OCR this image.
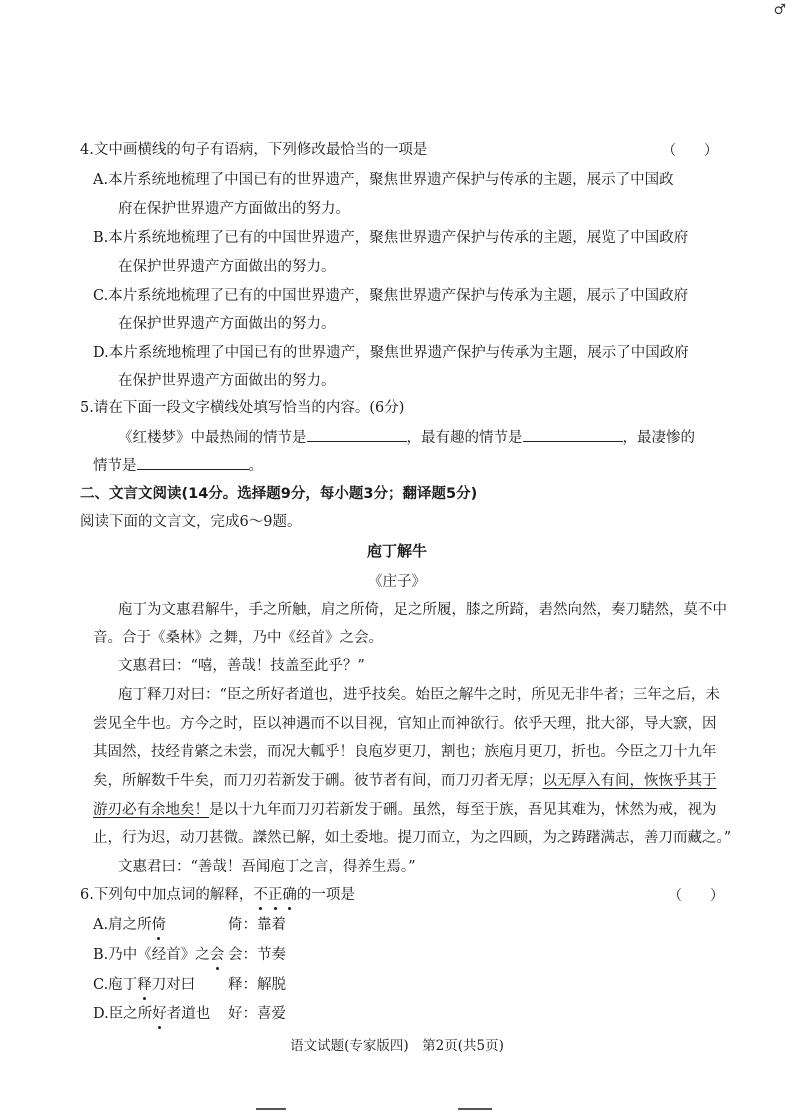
♂
4.文中画横线的句子有语病，下列修改最恰当的一项是	（　　）
A.本片系统地梳理了中国已有的世界遗产，聚焦世界遗产保护与传承的主题，展示了中国政
府在保护世界遗产方面做出的努力。
B.本片系统地梳理了已有的中国世界遗产，聚焦世界遗产保护与传承的主题，展览了中国政府
在保护世界遗产方面做出的努力。
C.本片系统地梳理了已有的中国世界遗产，聚焦世界遗产保护与传承为主题，展示了中国政府
在保护世界遗产方面做出的努力。
D.本片系统地梳理了中国已有的世界遗产，聚焦世界遗产保护与传承为主题，展示了中国政府
在保护世界遗产方面做出的努力。
5.请在下面一段文字横线处填写恰当的内容。(6分)
《红楼梦》中最热闹的情节是	，最有趣的情节是	，最凄惨的
情节是	。
二、文言文阅读(14分。选择题9分，每小题3分；翻译题5分)
阅读下面的文言文，完成6～9题。
庖丁解牛
《庄子》
庖丁为文惠君解牛，手之所触，肩之所倚，足之所履，膝之所踦，砉然向然，奏刀騞然，莫不中
音。合于《桑林》之舞，乃中《经首》之会。
文惠君曰：“嘻，善哉！技盖至此乎？”
庖丁释刀对曰：“臣之所好者道也，进乎技矣。始臣之解牛之时，所见无非牛者；三年之后，未
尝见全牛也。方今之时，臣以神遇而不以目视，官知止而神欲行。依乎天理，批大郤，导大窾，因
其固然，技经肯綮之未尝，而况大軱乎！良庖岁更刀，割也；族庖月更刀，折也。今臣之刀十九年
矣，所解数千牛矣，而刀刃若新发于硎。彼节者有间，而刀刃者无厚；以无厚入有间，恢恢乎其于
游刃必有余地矣！是以十九年而刀刃若新发于硎。虽然，每至于族，吾见其难为，怵然为戒，视为
止，行为迟，动刀甚微。謋然已解，如土委地。提刀而立，为之四顾，为之踌躇满志，善刀而藏之。”
文惠君曰：“善哉！吾闻庖丁之言，得养生焉。”
6.下列句中加点词的解释，不正确的一项是	（　　）
A.肩之所倚	倚：靠着
B.乃中《经首》之会 会：节奏
C.庖丁释刀对曰 释：解脱
D.臣之所好者道也 好：喜爱
语文试题(专家版四)　第2页(共5页)
